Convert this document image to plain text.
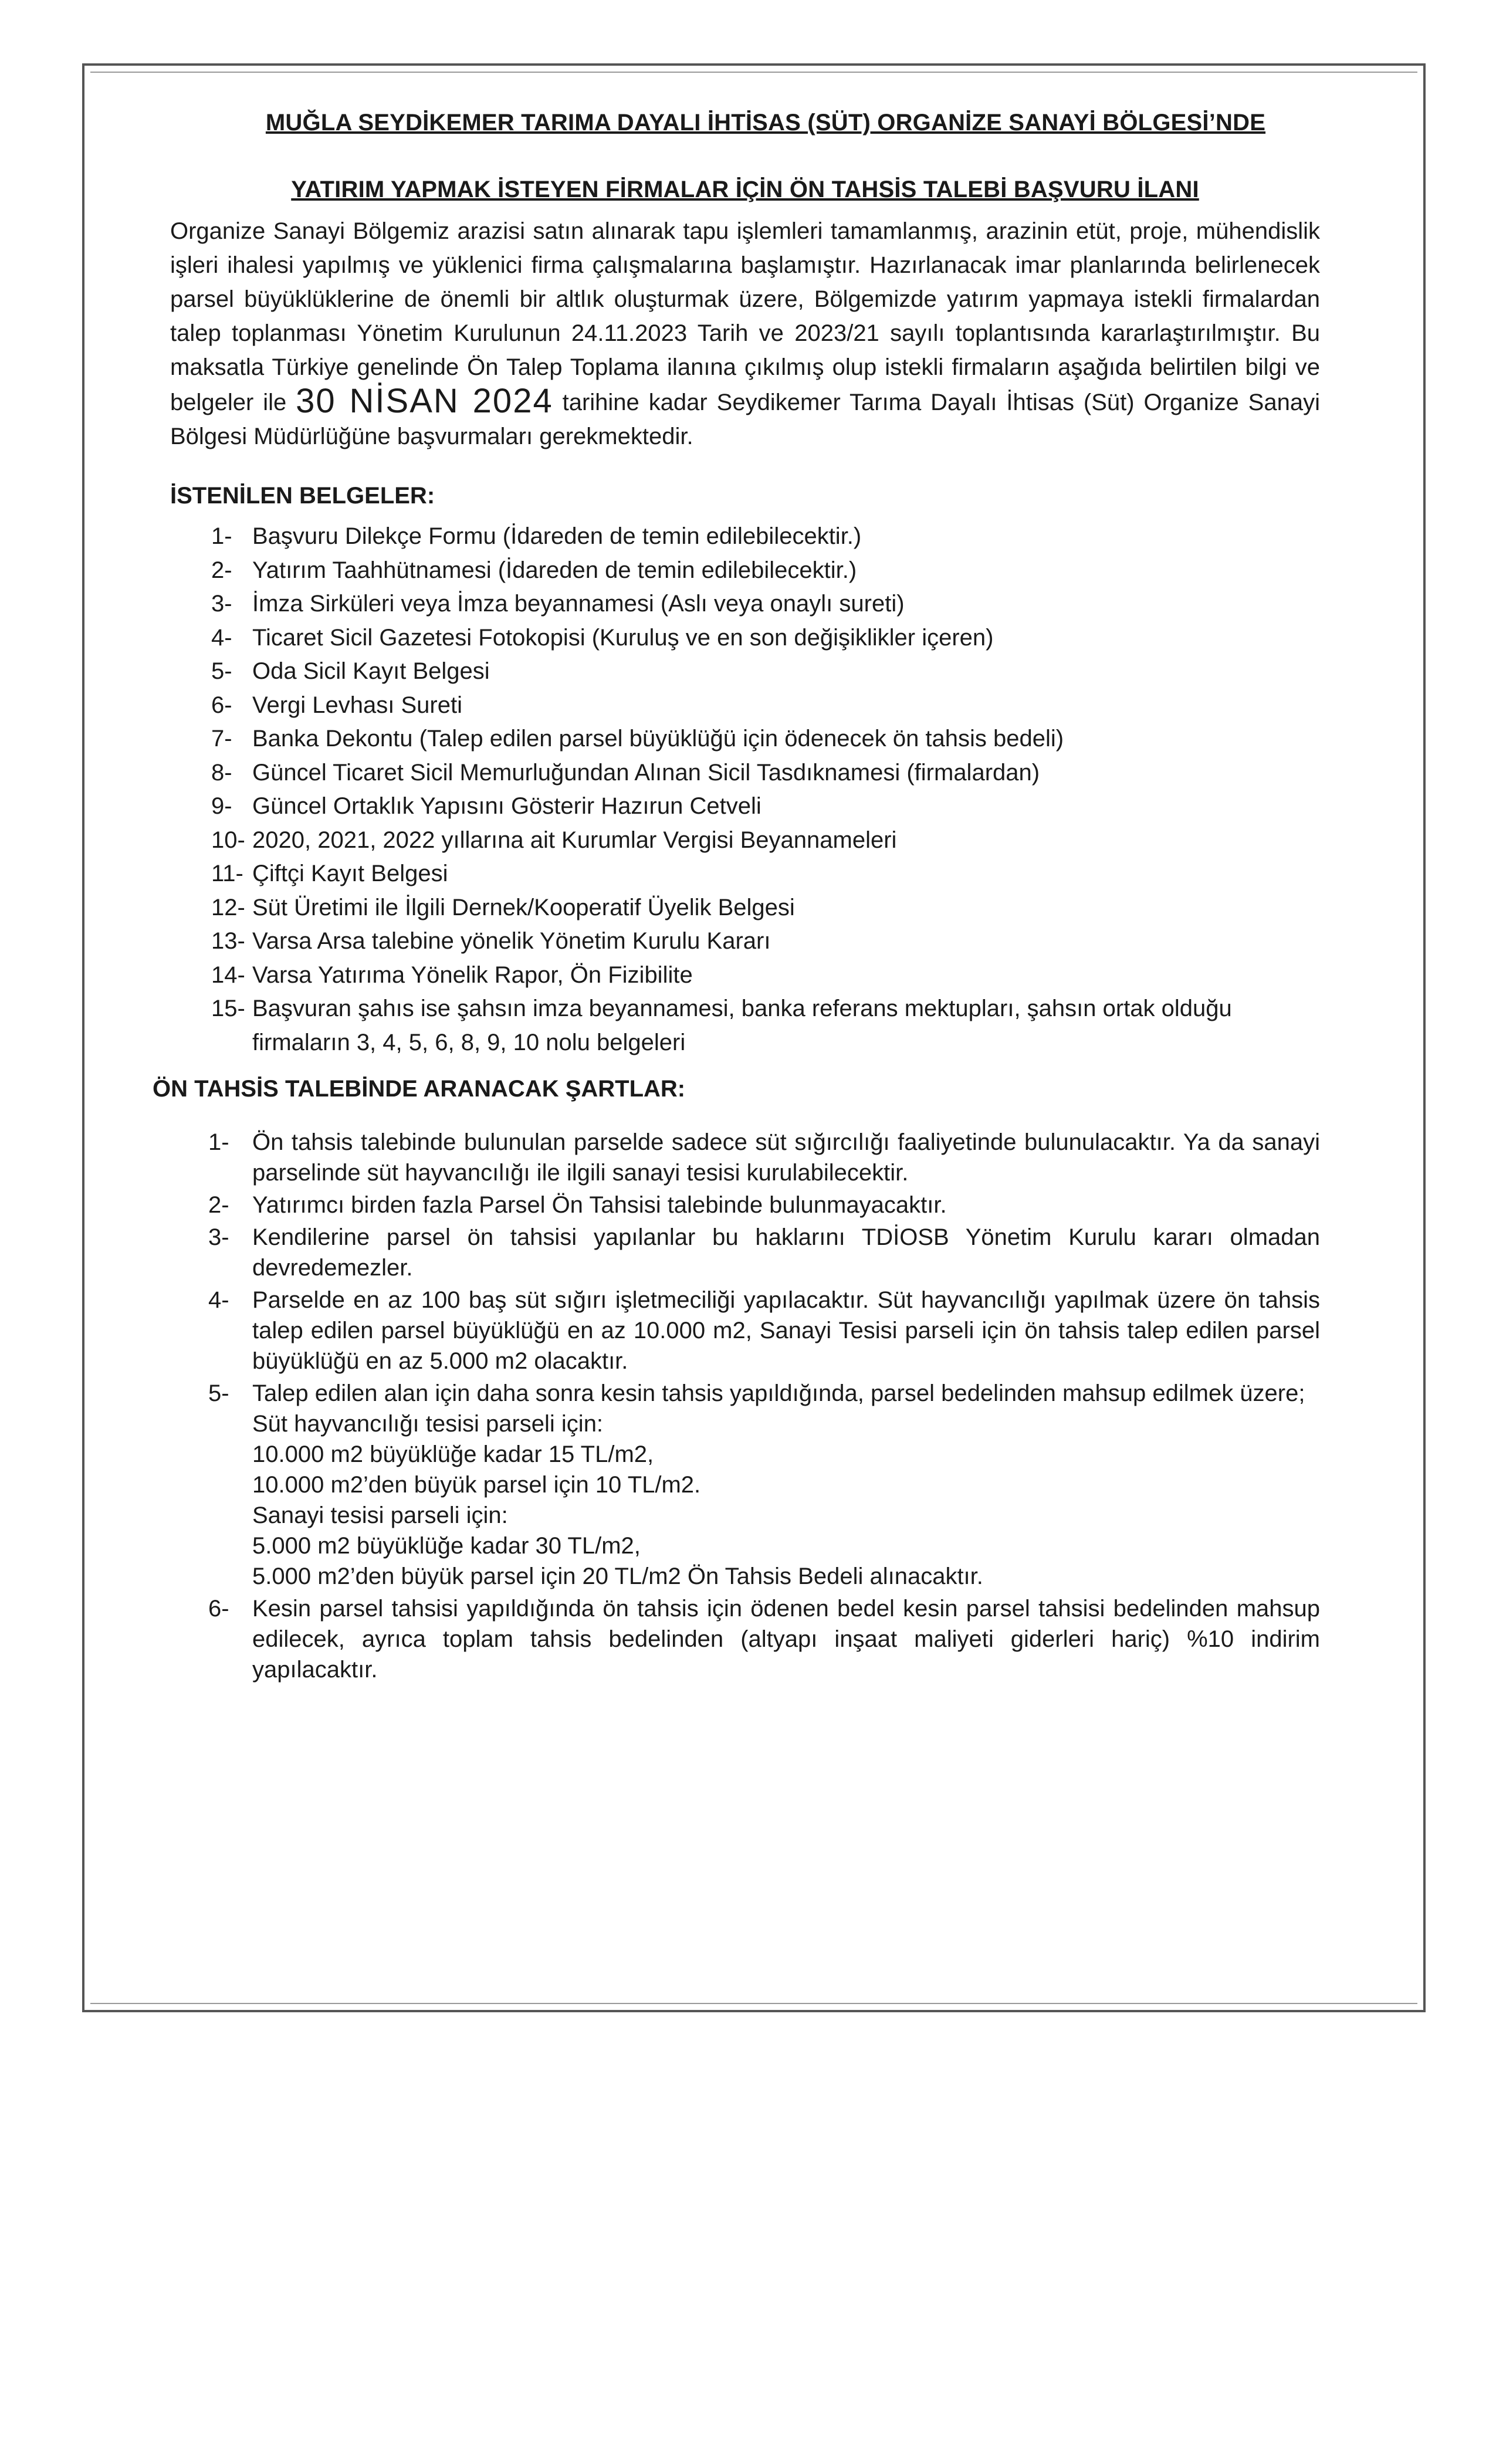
MUĞLA SEYDİKEMER TARIMA DAYALI İHTİSAS (SÜT) ORGANİZE SANAYİ BÖLGESİ’NDE
YATIRIM YAPMAK İSTEYEN FİRMALAR İÇİN ÖN TAHSİS TALEBİ BAŞVURU İLANI
Organize Sanayi Bölgemiz arazisi satın alınarak tapu işlemleri tamamlanmış, arazinin etüt, proje, mühendislik işleri ihalesi yapılmış ve yüklenici firma çalışmalarına başlamıştır. Hazırlanacak imar planlarında belirlenecek parsel büyüklüklerine de önemli bir altlık oluşturmak üzere, Bölgemizde yatırım yapmaya istekli firmalardan talep toplanması Yönetim Kurulunun 24.11.2023 Tarih ve 2023/21 sayılı toplantısında kararlaştırılmıştır. Bu maksatla Türkiye genelinde Ön Talep Toplama ilanına çıkılmış olup istekli firmaların aşağıda belirtilen bilgi ve belgeler ile 30 NİSAN 2024 tarihine kadar Seydikemer Tarıma Dayalı İhtisas (Süt) Organize Sanayi Bölgesi Müdürlüğüne başvurmaları gerekmektedir.
İSTENİLEN BELGELER:
1- Başvuru Dilekçe Formu (İdareden de temin edilebilecektir.)
2- Yatırım Taahhütnamesi (İdareden de temin edilebilecektir.)
3- İmza Sirküleri veya İmza beyannamesi (Aslı veya onaylı sureti)
4- Ticaret Sicil Gazetesi Fotokopisi (Kuruluş ve en son değişiklikler içeren)
5- Oda Sicil Kayıt Belgesi
6- Vergi Levhası Sureti
7- Banka Dekontu (Talep edilen parsel büyüklüğü için ödenecek ön tahsis bedeli)
8- Güncel Ticaret Sicil Memurluğundan Alınan Sicil Tasdıknamesi (firmalardan)
9- Güncel Ortaklık Yapısını Gösterir Hazırun Cetveli
10- 2020, 2021, 2022 yıllarına ait Kurumlar Vergisi Beyannameleri
11- Çiftçi Kayıt Belgesi
12- Süt Üretimi ile İlgili Dernek/Kooperatif Üyelik Belgesi
13- Varsa Arsa talebine yönelik Yönetim Kurulu Kararı
14- Varsa Yatırıma Yönelik Rapor, Ön Fizibilite
15- Başvuran şahıs ise şahsın imza beyannamesi, banka referans mektupları, şahsın ortak olduğu firmaların 3, 4, 5, 6, 8, 9, 10 nolu belgeleri
ÖN TAHSİS TALEBİNDE ARANACAK ŞARTLAR:
1- Ön tahsis talebinde bulunulan parselde sadece süt sığırcılığı faaliyetinde bulunulacaktır. Ya da sanayi parselinde süt hayvancılığı ile ilgili sanayi tesisi kurulabilecektir.
2- Yatırımcı birden fazla Parsel Ön Tahsisi talebinde bulunmayacaktır.
3- Kendilerine parsel ön tahsisi yapılanlar bu haklarını TDİOSB Yönetim Kurulu kararı olmadan devredemezler.
4- Parselde en az 100 baş süt sığırı işletmeciliği yapılacaktır. Süt hayvancılığı yapılmak üzere ön tahsis talep edilen parsel büyüklüğü en az 10.000 m2, Sanayi Tesisi parseli için ön tahsis talep edilen parsel büyüklüğü en az 5.000 m2 olacaktır.
5- Talep edilen alan için daha sonra kesin tahsis yapıldığında, parsel bedelinden mahsup edilmek üzere;
Süt hayvancılığı tesisi parseli için:
10.000 m2 büyüklüğe kadar 15 TL/m2,
10.000 m2’den büyük parsel için 10 TL/m2.
Sanayi tesisi parseli için:
5.000 m2 büyüklüğe kadar 30 TL/m2,
5.000 m2’den büyük parsel için 20 TL/m2 Ön Tahsis Bedeli alınacaktır.
6- Kesin parsel tahsisi yapıldığında ön tahsis için ödenen bedel kesin parsel tahsisi bedelinden mahsup edilecek, ayrıca toplam tahsis bedelinden (altyapı inşaat maliyeti giderleri hariç) %10 indirim yapılacaktır.
